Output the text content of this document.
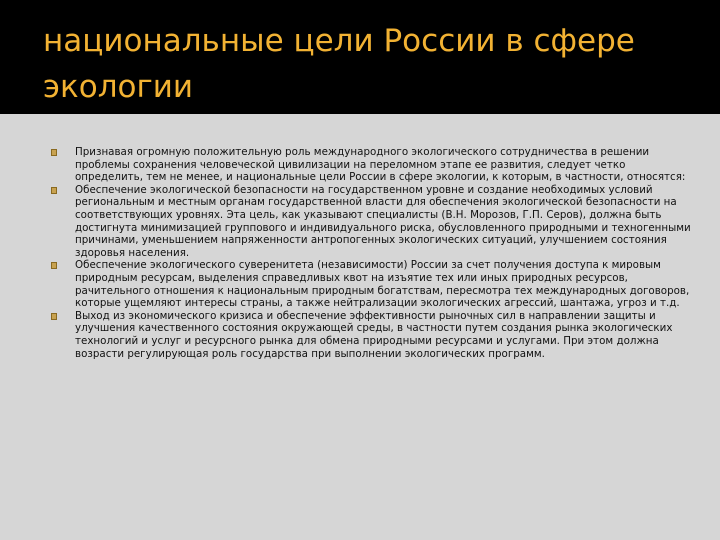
национальные цели России в сфере экологии
Признавая огромную положительную роль международного экологического сотрудничества в решении проблемы сохранения человеческой цивилизации на переломном этапе ее развития, следует четко определить, тем не менее, и национальные цели России в сфере экологии, к которым, в частности, относятся:
Обеспечение экологической безопасности на государственном уровне и создание необходимых условий региональным и местным органам государственной власти для обеспечения экологической безопасности на соответствующих уровнях. Эта цель, как указывают специалисты (В.Н. Морозов, Г.П. Серов), должна быть достигнута минимизацией группового и индивидуального риска, обусловленного природными и техногенными причинами, уменьшением напряженности антропогенных экологических ситуаций, улучшением состояния здоровья населения.
Обеспечение экологического суверенитета (независимости) России за счет получения доступа к мировым природным ресурсам, выделения справедливых квот на изъятие тех или иных природных ресурсов, рачительного отношения к национальным природным богатствам, пересмотра тех международных договоров, которые ущемляют интересы страны, а также нейтрализации экологических агрессий, шантажа, угроз и т.д.
Выход из экономического кризиса и обеспечение эффективности рыночных сил в направлении защиты и улучшения качественного состояния окружающей среды, в частности путем создания рынка экологических технологий и услуг и ресурсного рынка для обмена природными ресурсами и услугами. При этом должна возрасти регулирующая роль государства при выполнении экологических программ.
